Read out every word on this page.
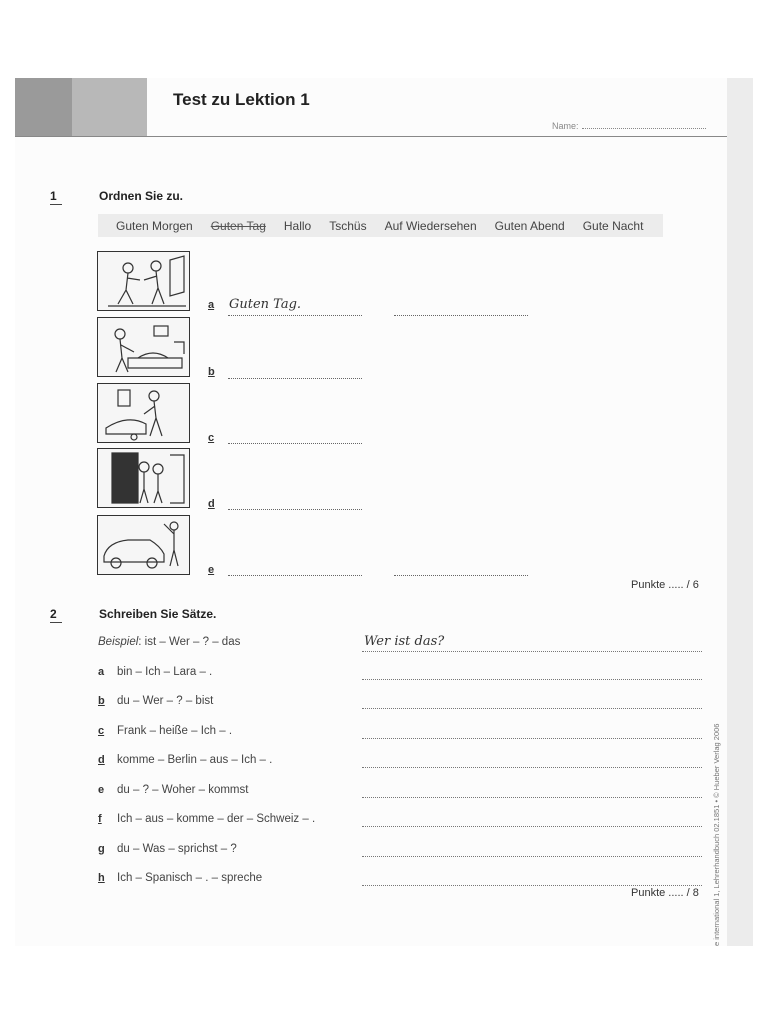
Test zu Lektion 1
Name:
1	Ordnen Sie zu.
Guten Morgen Guten Tag Hallo Tschüs Auf Wiedersehen Guten Abend Gute Nacht
a Guten Tag.
b
c
d
e
Punkte ..... / 6
2	Schreiben Sie Sätze.
Beispiel: ist – Wer – ? – das	Wer ist das?
a bin – Ich – Lara – .
b du – Wer – ? – bist
c Frank – heiße – Ich – .
d komme – Berlin – aus – Ich – .
e du – ? – Woher – kommst
f Ich – aus – komme – der – Schweiz – .
g du – Was – sprichst – ?
h Ich – Spanisch – . – spreche
Punkte ..... / 8 e international 1, Lehrerhandbuch 02.1851 • © Hueber Verlag 2006
